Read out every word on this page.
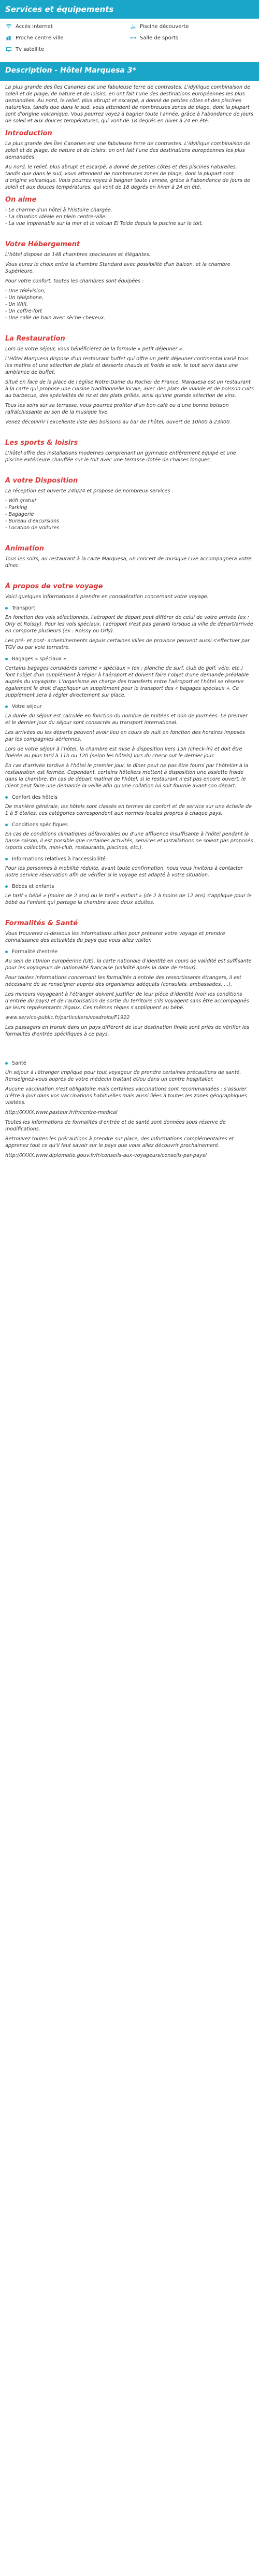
Services et équipements
Accès internet	Piscine découverte
Proche centre ville	Salle de sports
Tv satellite
Description - Hôtel Marquesa 3*

La plus grande des Îles Canaries est une fabuleuse terre de contrastes. L'idyllique combinaison de soleil et de plage, de nature et de loisirs, en ont fait l'une des destinations européennes les plus demandées. Au nord, le relief, plus abrupt et escarpé, a donné de petites côtes et des piscines naturelles, tandis que dans le sud, vous attendent de nombreuses zones de plage, dont la plupart sont d'origine volcanique. Vous pourrez voyez à bagner toute l'année, grâce à l'abondance de jours de soleil et aux douces températures, qui vont de 18 degrés en hiver à 24 en été.

Introduction

La plus grande des Îles Canaries est une fabuleuse terre de contrastes. L'idyllique combinaison de soleil et de plage, de nature et de loisirs, en ont fait l'une des destinations européennes les plus demandées.

Au nord, le relief, plus abrupt et escarpé, a donné de petites côtes et des piscines naturelles, tandis que dans le sud, vous attendent de nombreuses zones de plage, dont la plupart sont d'origine volcanique. Vous pourrez voyez à baigner toute l'année, grâce à l'abondance de jours de soleil et aux douces températures, qui vont de 18 degrés en hiver à 24 en été.

On aime
- Le charme d'un hôtel à l'histoire chargée.
- La situation idéale en plein centre-ville.
- La vue imprenable sur la mer et le volcan El Teide depuis la piscine sur le toit.
Votre Hébergement

L'hôtel dispose de 148 chambres spacieuses et élégantes.

Vous aurez le choix entre la chambre Standard avec possibilité d'un balcon, et la chambre Supérieure.

Pour votre confort, toutes les chambres sont équipées :

- Une télévision,
- Un téléphone,
- Un Wifi,
- Un coffre-fort
- Une salle de bain avec sèche-cheveux.
La Restauration

Lors de votre séjour, vous bénéficierez de la formule « petit déjeuner ».

L'Hôtel Marquesa dispose d'un restaurant buffet qui offre un petit déjeuner continental varié tous les matins et une sélection de plats et desserts chauds et froids le soir, le tout servi dans une ambiance de buffet.

Situé en face de la place de l'église Notre-Dame du Rocher de France, Marquesa est un restaurant à la carte qui propose une cuisine traditionnelle locale, avec des plats de viande et de poisson cuits au barbecue, des spécialités de riz et des plats grillés, ainsi qu'une grande sélection de vins.

Tous les soirs sur sa terrasse, vous pourrez profiter d'un bon café ou d'une bonne boisson rafraîchissante au son de la musique live.

Venez découvrir l'excellente liste des boissons au bar de l'hôtel, ouvert de 10h00 à 23h00.

Les sports & loisirs

L'hôtel offre des installations modernes comprenant un gymnase entièrement équipé et une piscine extérieure chauffée sur le toit avec une terrasse dotée de chaises longues.

A votre Disposition

La réception est ouverte 24h/24 et propose de nombreux services :

- Wifi gratuit
- Parking
- Bagagerie
- Bureau d'excursions
- Location de voitures
Animation

Tous les soirs, au restaurant à la carte Marquesa, un concert de musique Live accompagnera votre dîner.

À propos de votre voyage

Voici quelques informations à prendre en considération concernant votre voyage.

Transport

En fonction des vols sélectionnés, l'aéroport de départ peut différer de celui de votre arrivée (ex : Orly et Roissy). Pour les vols spéciaux, l'aéroport n'est pas garanti lorsque la ville de départ/arrivée en comporte plusieurs (ex : Roissy ou Orly).

Les pré- et post- acheminements depuis certaines villes de province peuvent aussi s'effectuer par TGV ou par voie terrestre.

Bagages « spéciaux »

Certains bagages considérés comme « spéciaux » (ex : planche de surf, club de golf, vélo, etc.) font l'objet d'un supplément à régler à l'aéroport et doivent faire l'objet d'une demande préalable auprès du voyagiste. L'organisme en charge des transferts entre l'aéroport et l'hôtel se réserve également le droit d'appliquer un supplément pour le transport des « bagages spéciaux ». Ce supplément sera à régler directement sur place.

Votre séjour

La durée du séjour est calculée en fonction du nombre de nuitées et non de journées. Le premier et le dernier jour du séjour sont consacrés au transport international.

Les arrivées ou les départs peuvent avoir lieu en cours de nuit en fonction des horaires imposés par les compagnies aériennes.

Lors de votre séjour à l'hôtel, la chambre est mise à disposition vers 15h (check-in) et doit être libérée au plus tard à 11h ou 12h (selon les hôtels) lors du check-out le dernier jour.

En cas d'arrivée tardive à l'hôtel le premier jour, le dîner peut ne pas être fourni par l'hôtelier à la restauration est fermée. Cependant, certains hôteliers mettent à disposition une assiette froide dans la chambre. En cas de départ matinal de l'hôtel, si le restaurant n'est pas encore ouvert, le client peut faire une demande la veille afin qu'une collation lui soit fournie avant son départ.

Confort des hôtels

De manière générale, les hôtels sont classés en termes de confort et de service sur une échelle de 1 à 5 étoiles, ces catégories correspondent aux normes locales propres à chaque pays.

Conditions spécifiques

En cas de conditions climatiques défavorables ou d'une affluence insuffisante à l'hôtel pendant la basse saison, il est possible que certaines activités, services et installations ne soient pas proposés (sports collectifs, mini-club, restaurants, piscines, etc.).

Informations relatives à l'accessibilité

Pour les personnes à mobilité réduite, avant toute confirmation, nous vous invitons à contacter notre service réservation afin de vérifier si le voyage est adapté à votre situation.

Bébés et enfants

Le tarif « bébé » (moins de 2 ans) ou le tarif « enfant » (de 2 à moins de 12 ans) s'applique pour le bébé ou l'enfant qui partage la chambre avec deux adultes.

Formalités & Santé

Vous trouverez ci-dessous les informations utiles pour préparer votre voyage et prendre connaissance des actualités du pays que vous allez visiter.

Formalité d'entrée

Au sein de l'Union européenne (UE), la carte nationale d'identité en cours de validité est suffisante pour les voyageurs de nationalité française (validité après la date de retour).

Pour toutes informations concernant les formalités d'entrée des ressortissants étrangers, il est nécessaire de se renseigner auprès des organismes adéquats (consulats, ambassades, ...).

Les mineurs voyageant à l'étranger doivent justifier de leur pièce d'identité (voir les conditions d'entrée du pays) et de l'autorisation de sortie du territoire s'ils voyagent sans être accompagnés de leurs représentants légaux. Ces mêmes règles s'appliquent au bébé.

www.service-public.fr/particuliers/vosdroits/F1922

Les passagers en transit dans un pays différent de leur destination finale sont priés de vérifier les formalités d'entrée spécifiques à ce pays.

Santé

Un séjour à l'étranger implique pour tout voyageur de prendre certaines précautions de santé. Renseignez-vous auprès de votre médecin traitant et/ou dans un centre hospitalier.

Aucune vaccination n'est obligatoire mais certaines vaccinations sont recommandées : s'assurer d'être à jour dans vos vaccinations habituelles mais aussi liées à toutes les zones géographiques visitées.

http://XXXX.www.pasteur.fr/fr/centre-medical

Toutes les informations de formalités d'entrée et de santé sont données sous réserve de modifications.

Retrouvez toutes les précautions à prendre sur place, des informations complémentaires et apprenez tout ce qu'il faut savoir sur le pays que vous allez découvrir prochainement.

http://XXXX.www.diplomatie.gouv.fr/fr/conseils-aux-voyageurs/conseils-par-pays/
